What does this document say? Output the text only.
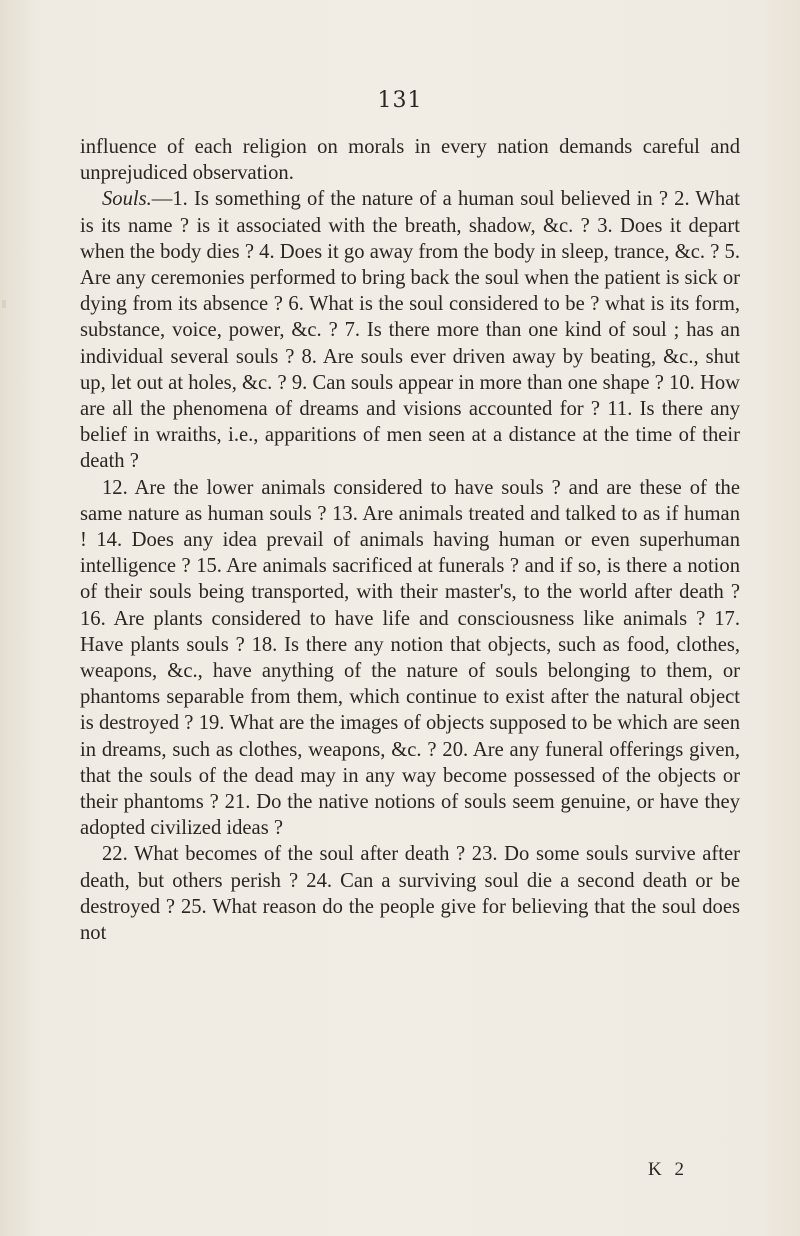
131

influence of each religion on morals in every nation demands careful and unprejudiced observation.

Souls.—1. Is something of the nature of a human soul believed in ? 2. What is its name ? is it associated with the breath, shadow, &c. ? 3. Does it depart when the body dies ? 4. Does it go away from the body in sleep, trance, &c. ? 5. Are any ceremonies performed to bring back the soul when the patient is sick or dying from its absence ? 6. What is the soul considered to be ? what is its form, substance, voice, power, &c. ? 7. Is there more than one kind of soul ; has an individual several souls ? 8. Are souls ever driven away by beating, &c., shut up, let out at holes, &c. ? 9. Can souls appear in more than one shape ? 10. How are all the phenomena of dreams and visions accounted for ? 11. Is there any belief in wraiths, i.e., apparitions of men seen at a distance at the time of their death ?

12. Are the lower animals considered to have souls ? and are these of the same nature as human souls ? 13. Are animals treated and talked to as if human ! 14. Does any idea prevail of animals having human or even superhuman intelligence ? 15. Are animals sacrificed at funerals ? and if so, is there a notion of their souls being transported, with their master's, to the world after death ? 16. Are plants considered to have life and consciousness like animals ? 17. Have plants souls ? 18. Is there any notion that objects, such as food, clothes, weapons, &c., have anything of the nature of souls belonging to them, or phantoms separable from them, which continue to exist after the natural object is destroyed ? 19. What are the images of objects supposed to be which are seen in dreams, such as clothes, weapons, &c. ? 20. Are any funeral offerings given, that the souls of the dead may in any way become possessed of the objects or their phantoms ? 21. Do the native notions of souls seem genuine, or have they adopted civilized ideas ?

22. What becomes of the soul after death ? 23. Do some souls survive after death, but others perish ? 24. Can a surviving soul die a second death or be destroyed ? 25. What reason do the people give for believing that the soul does not

K 2
